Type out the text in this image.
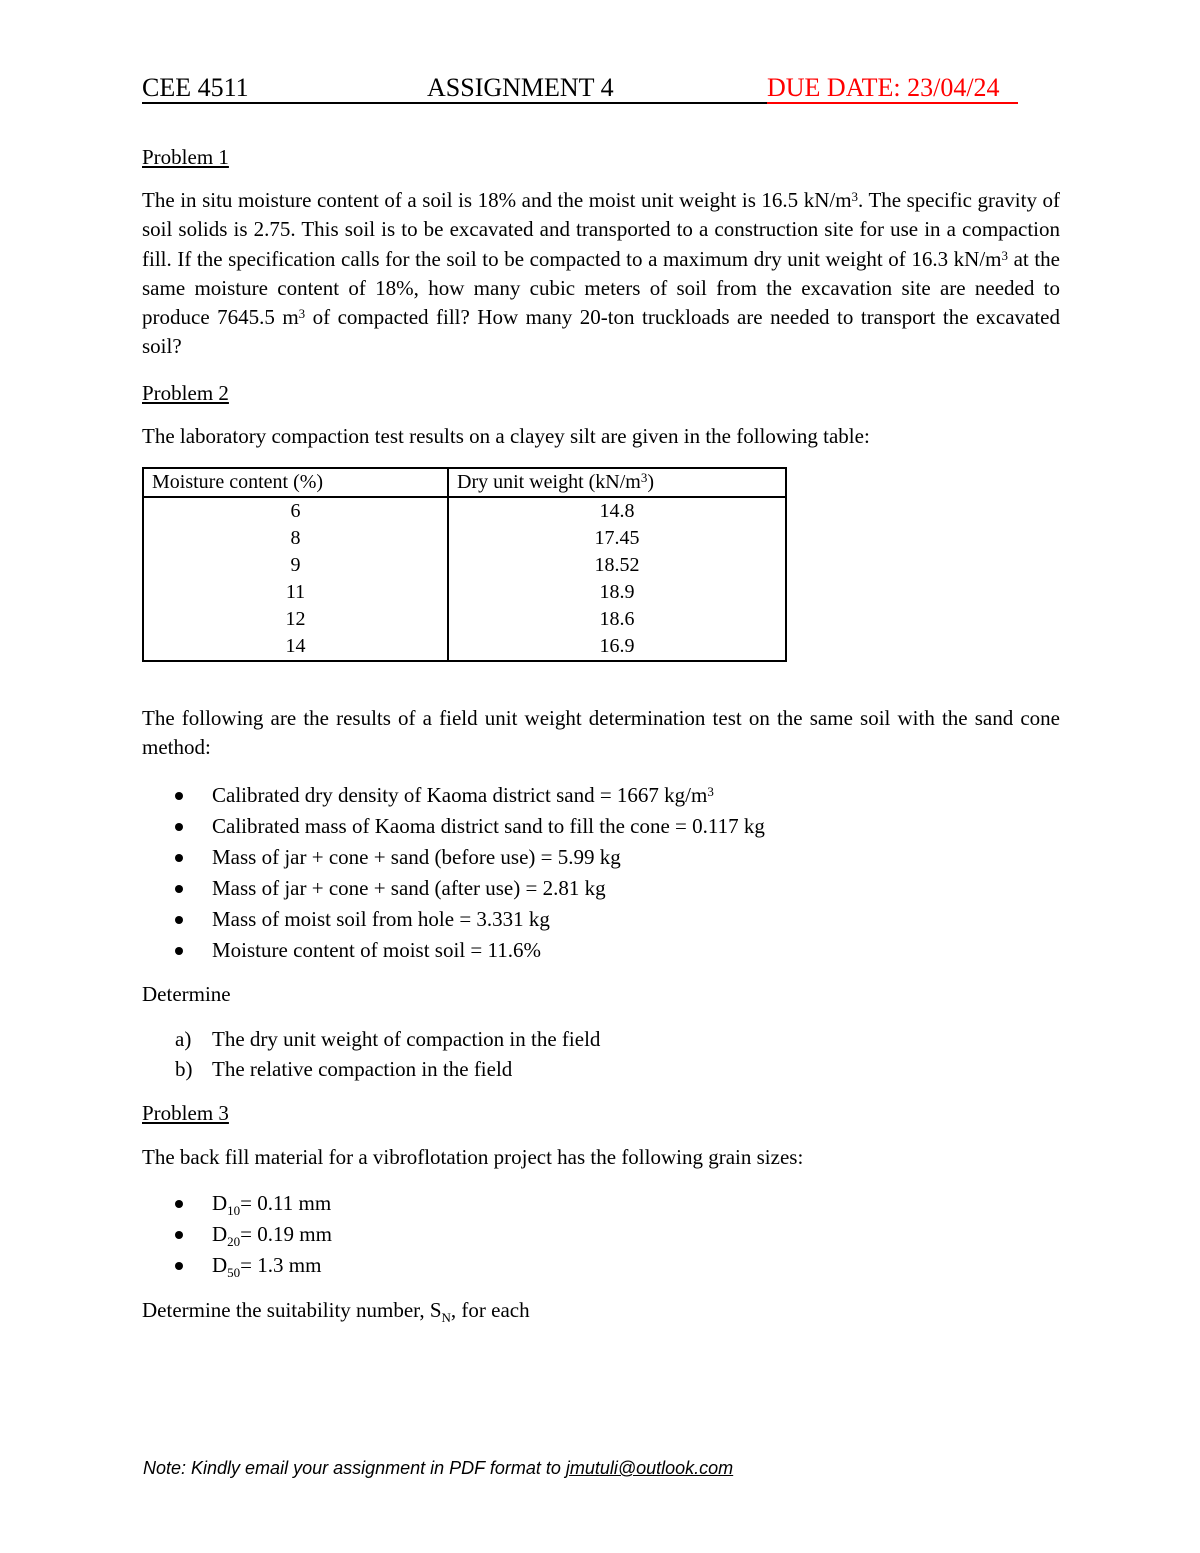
CEE 4511	ASSIGNMENT 4	DUE DATE: 23/04/24
Problem 1
The in situ moisture content of a soil is 18% and the moist unit weight is 16.5 $kN/m^3$. The specific gravity of soil solids is 2.75. This soil is to be excavated and transported to a construction site for use in a compaction fill. If the specification calls for the soil to be compacted to a maximum dry unit weight of 16.3 $kN/m^3$ at the same moisture content of 18%, how many cubic meters of soil from the excavation site are needed to produce 7645.5 $m^3$ of compacted fill? How many 20-ton truckloads are needed to transport the excavated soil?
Problem 2
The laboratory compaction test results on a clayey silt are given in the following table:
Moisture content (%)	Dry unit weight $(kN/m^3)$
6	14.8
8	17.45
9	18.52
11	18.9
12	18.6
14	16.9
The following are the results of a field unit weight determination test on the same soil with the sand cone method:
Calibrated dry density of Kaoma district sand = 1667 $kg/m^3$
Calibrated mass of Kaoma district sand to fill the cone = 0.117 kg
Mass of jar + cone + sand (before use) = 5.99 kg
Mass of jar + cone + sand (after use) = 2.81 kg
Mass of moist soil from hole = 3.331 kg
Moisture content of moist soil = 11.6%
Determine
a) The dry unit weight of compaction in the field
b) The relative compaction in the field
Problem 3
The back fill material for a vibroflotation project has the following grain sizes:
$D_{10}= 0.11$ mm
$D_{20}= 0.19$ mm
$D_{50}= 1.3$ mm
Determine the suitability number, $S_N$, for each
Note: Kindly email your assignment in PDF format to jmutuli@outlook.com
